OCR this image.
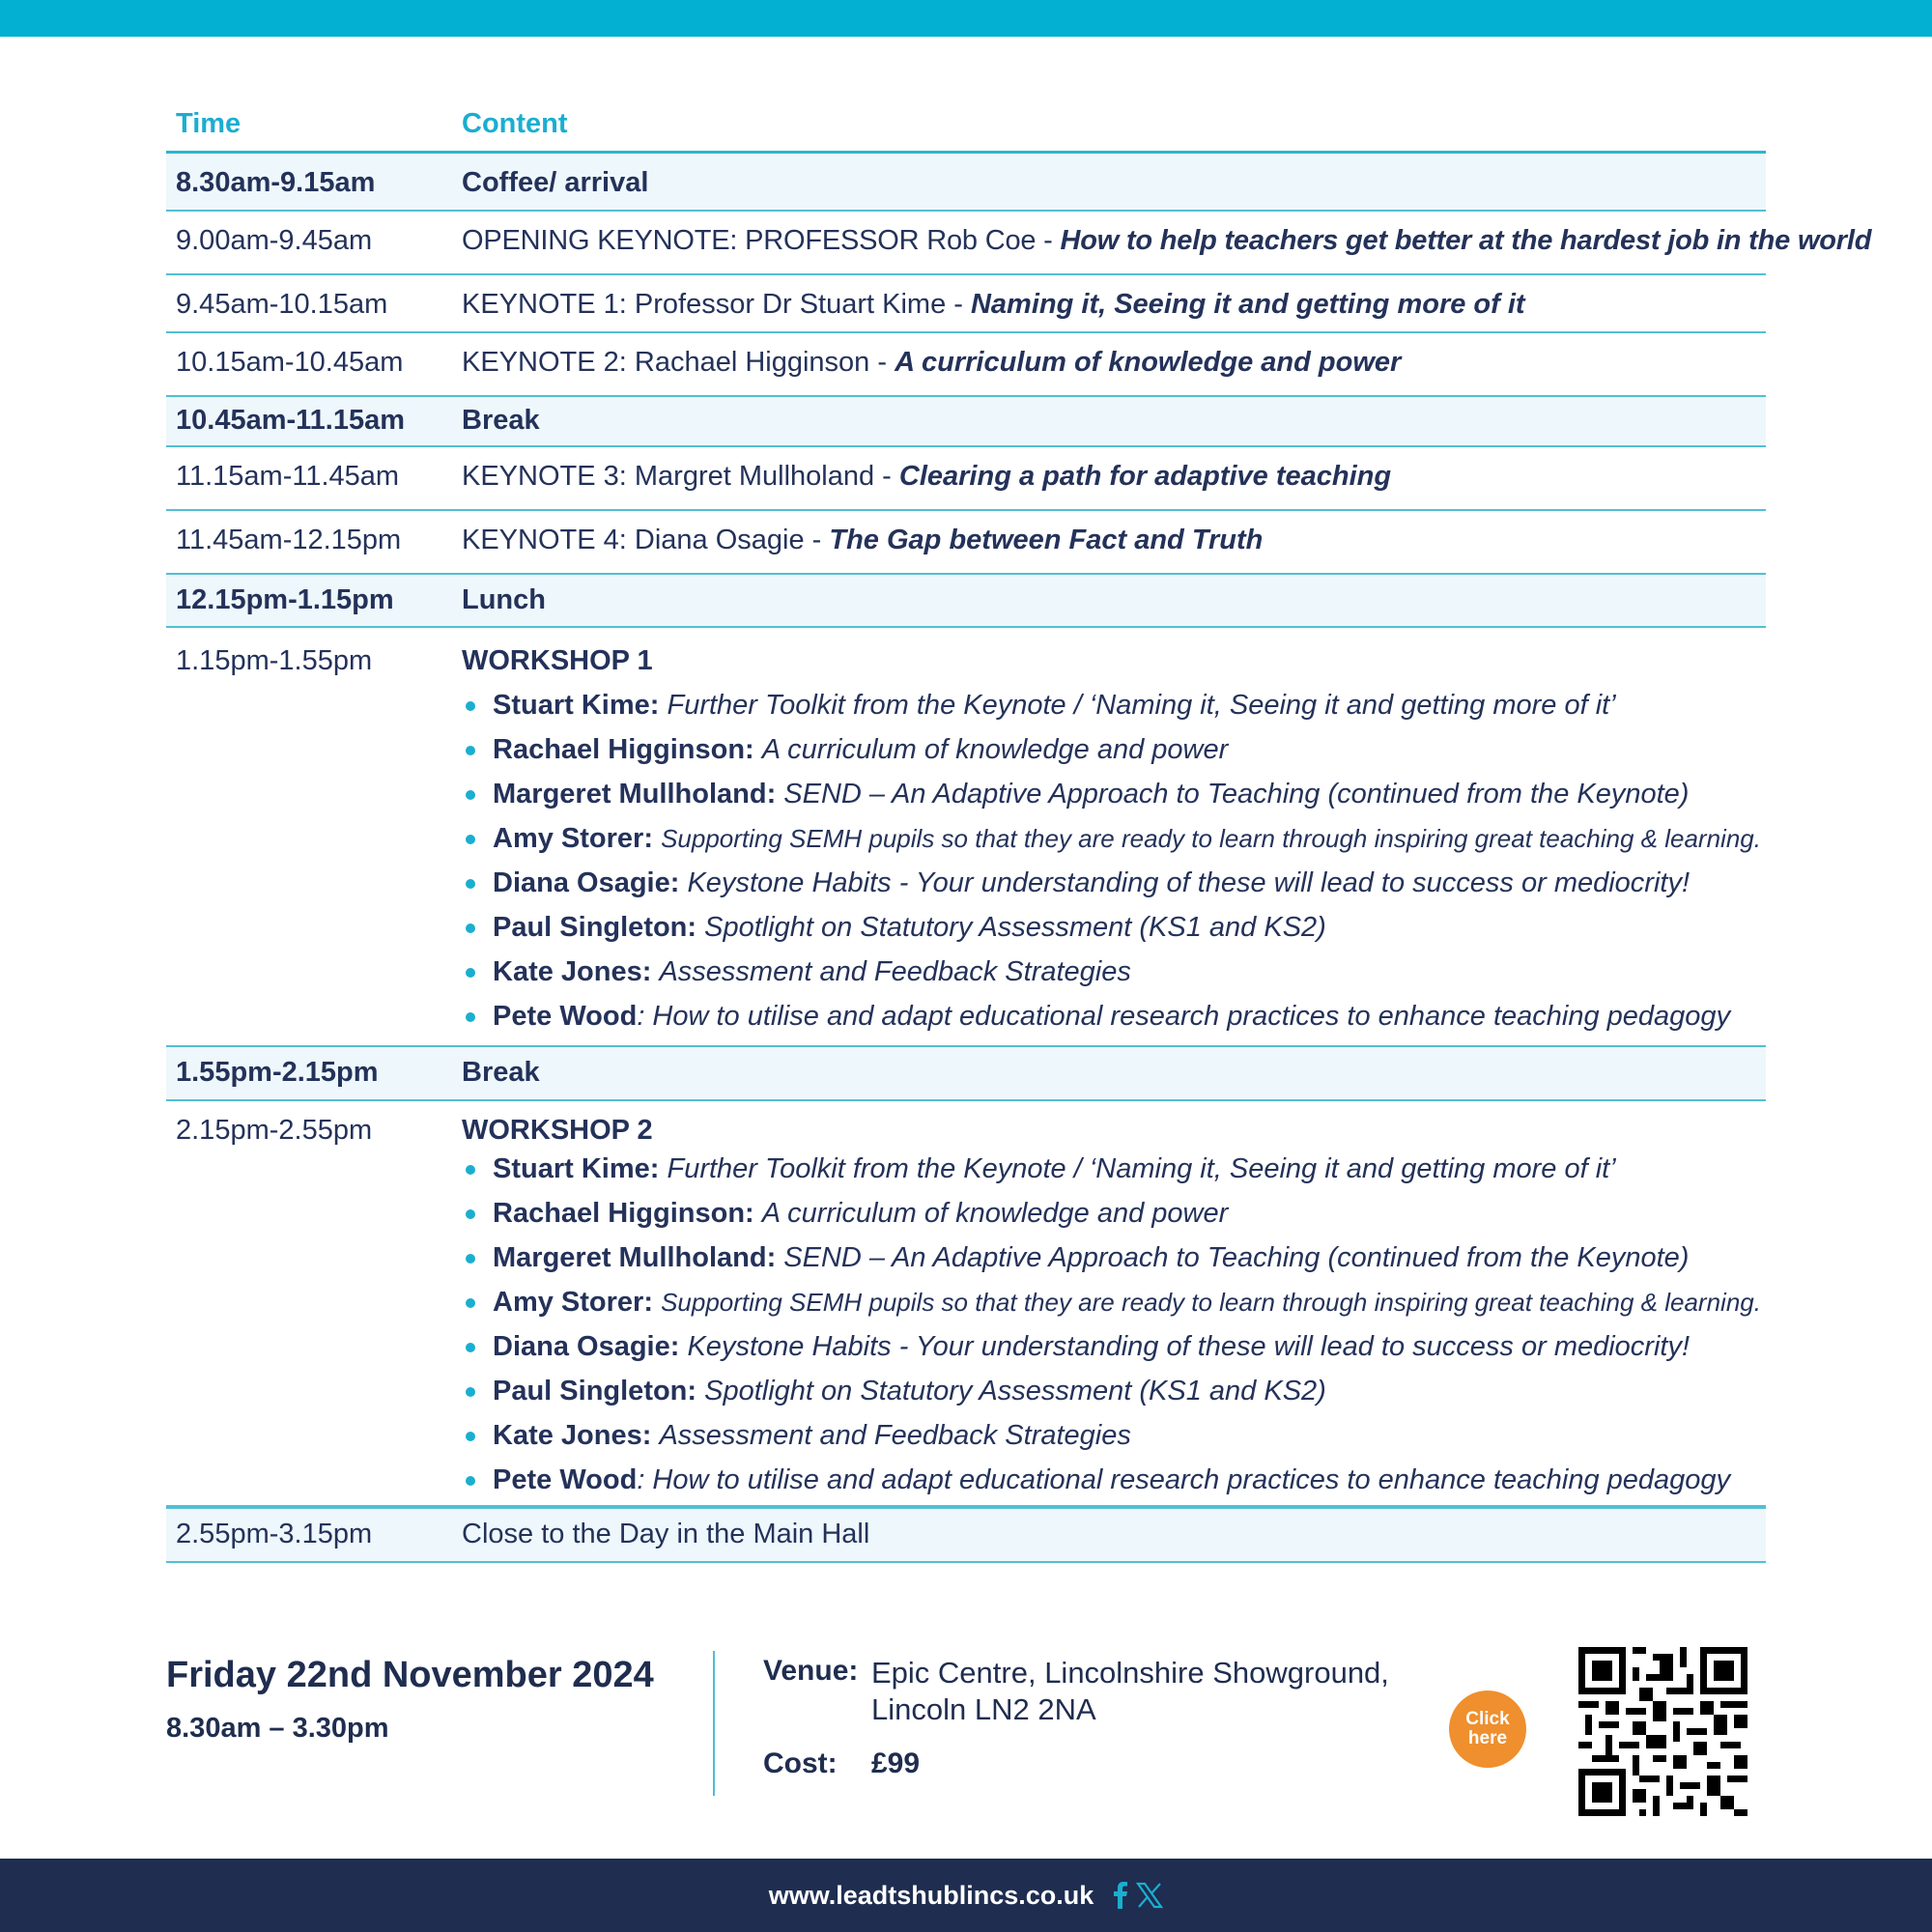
Time	Content
8.30am-9.15am	Coffee/ arrival
9.00am-9.45am	OPENING KEYNOTE: PROFESSOR Rob Coe - How to help teachers get better at the hardest job in the world
9.45am-10.15am	KEYNOTE 1: Professor Dr Stuart Kime - Naming it, Seeing it and getting more of it
10.15am-10.45am	KEYNOTE 2: Rachael Higginson - A curriculum of knowledge and power
10.45am-11.15am	Break
11.15am-11.45am	KEYNOTE 3: Margret Mullholand - Clearing a path for adaptive teaching
11.45am-12.15pm	KEYNOTE 4: Diana Osagie - The Gap between Fact and Truth
12.15pm-1.15pm	Lunch
1.15pm-1.55pm	WORKSHOP 1
Stuart Kime: Further Toolkit from the Keynote / ‘Naming it, Seeing it and getting more of it’
Rachael Higginson: A curriculum of knowledge and power
Margeret Mullholand: SEND – An Adaptive Approach to Teaching (continued from the Keynote)
Amy Storer: Supporting SEMH pupils so that they are ready to learn through inspiring great teaching & learning.
Diana Osagie: Keystone Habits - Your understanding of these will lead to success or mediocrity!
Paul Singleton: Spotlight on Statutory Assessment (KS1 and KS2)
Kate Jones: Assessment and Feedback Strategies
Pete Wood: How to utilise and adapt educational research practices to enhance teaching pedagogy
1.55pm-2.15pm	Break
2.15pm-2.55pm	WORKSHOP 2
Stuart Kime: Further Toolkit from the Keynote / ‘Naming it, Seeing it and getting more of it’
Rachael Higginson: A curriculum of knowledge and power
Margeret Mullholand: SEND – An Adaptive Approach to Teaching (continued from the Keynote)
Amy Storer: Supporting SEMH pupils so that they are ready to learn through inspiring great teaching & learning.
Diana Osagie: Keystone Habits - Your understanding of these will lead to success or mediocrity!
Paul Singleton: Spotlight on Statutory Assessment (KS1 and KS2)
Kate Jones: Assessment and Feedback Strategies
Pete Wood: How to utilise and adapt educational research practices to enhance teaching pedagogy
2.55pm-3.15pm	Close to the Day in the Main Hall
Friday 22nd November 2024
8.30am – 3.30pm
Venue: Epic Centre, Lincolnshire Showground,
Lincoln LN2 2NA
Cost: £99
Click
here
www.leadtshublincs.co.uk
